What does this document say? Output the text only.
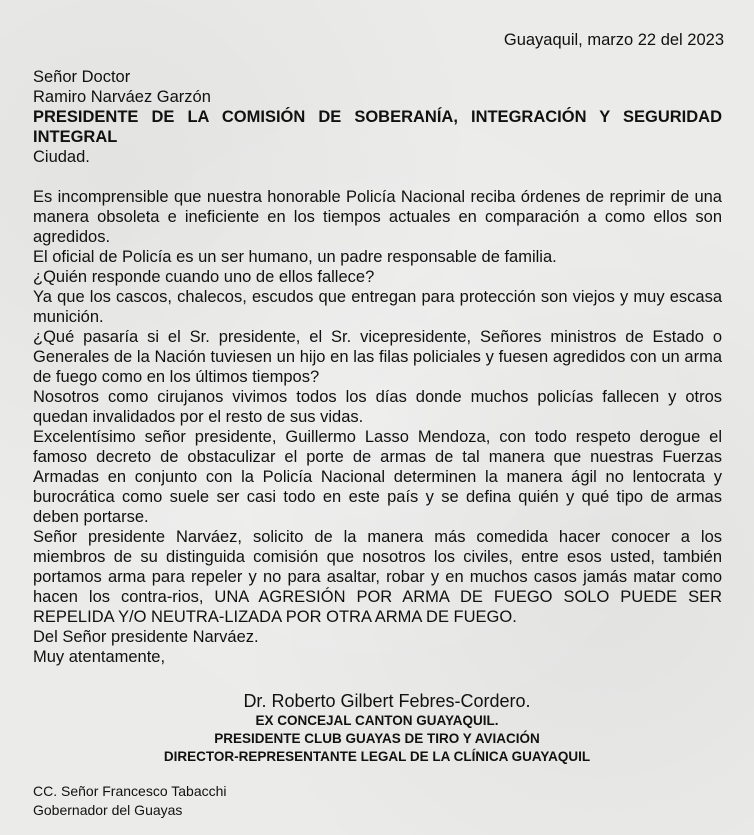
Guayaquil, marzo 22 del 2023
Señor Doctor
Ramiro Narváez Garzón
PRESIDENTE DE LA COMISIÓN DE SOBERANÍA, INTEGRACIÓN Y SEGURIDAD INTEGRAL
Ciudad.
Es incomprensible que nuestra honorable Policía Nacional reciba órdenes de reprimir de una manera obsoleta e ineficiente en los tiempos actuales en comparación a como ellos son agredidos.
El oficial de Policía es un ser humano, un padre responsable de familia.
¿Quién responde cuando uno de ellos fallece?
Ya que los cascos, chalecos, escudos que entregan para protección son viejos y muy escasa munición.
¿Qué pasaría si el Sr. presidente, el Sr. vicepresidente, Señores ministros de Estado o Generales de la Nación tuviesen un hijo en las filas policiales y fuesen agredidos con un arma de fuego como en los últimos tiempos?
Nosotros como cirujanos vivimos todos los días donde muchos policías fallecen y otros quedan invalidados por el resto de sus vidas.
Excelentísimo señor presidente, Guillermo Lasso Mendoza, con todo respeto derogue el famoso decreto de obstaculizar el porte de armas de tal manera que nuestras Fuerzas Armadas en conjunto con la Policía Nacional determinen la manera ágil no lentocrata y burocrática como suele ser casi todo en este país y se defina quién y qué tipo de armas deben portarse.
Señor presidente Narváez, solicito de la manera más comedida hacer conocer a los miembros de su distinguida comisión que nosotros los civiles, entre esos usted, también portamos arma para repeler y no para asaltar, robar y en muchos casos jamás matar como hacen los contra-rios, UNA AGRESIÓN POR ARMA DE FUEGO SOLO PUEDE SER REPELIDA Y/O NEUTRA-LIZADA POR OTRA ARMA DE FUEGO.
Del Señor presidente Narváez.
Muy atentamente,
Dr. Roberto Gilbert Febres-Cordero.
EX CONCEJAL CANTON GUAYAQUIL.
PRESIDENTE CLUB GUAYAS DE TIRO Y AVIACIÓN
DIRECTOR-REPRESENTANTE LEGAL DE LA CLÍNICA GUAYAQUIL
CC. Señor Francesco Tabacchi
Gobernador del Guayas
